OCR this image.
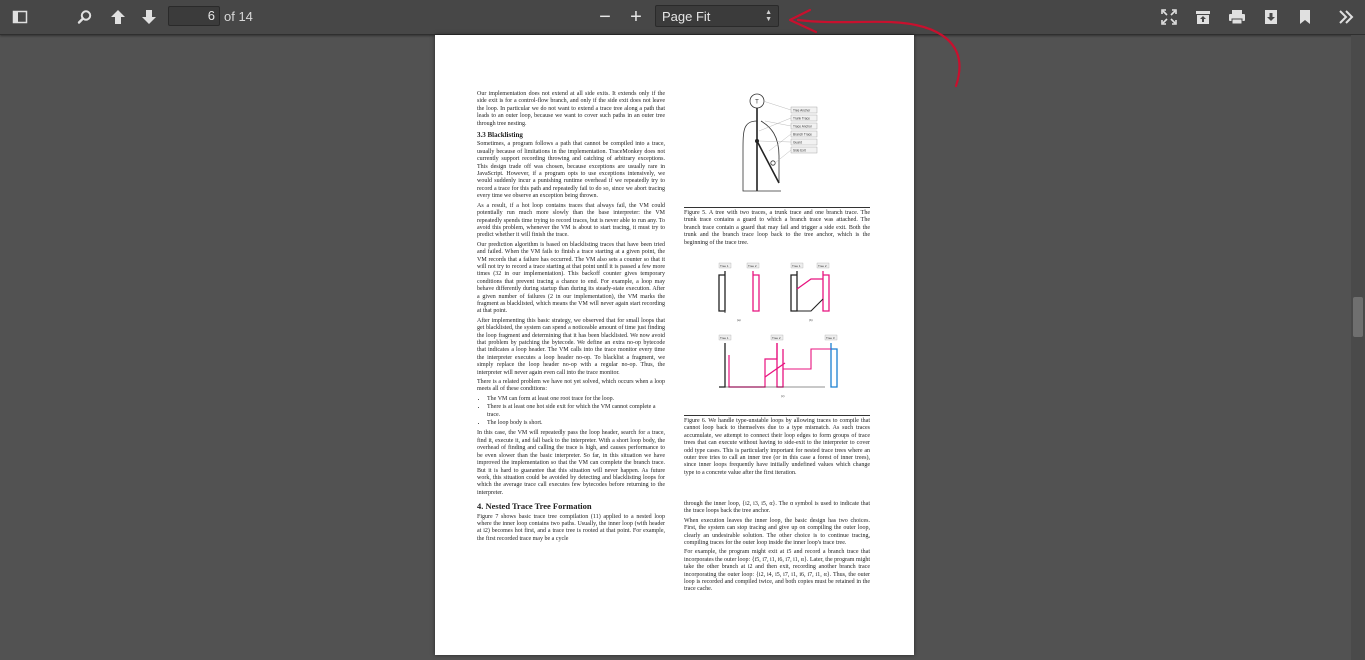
6 of 14	− +	Page Fit	▲
▼

Our implementation does not extend at all side exits. It extends only if the side exit is for a control-flow branch, and only if the side exit does not leave the loop. In particular we do not want to extend a trace tree along a path that leads to an outer loop, because we want to cover such paths in an outer tree through tree nesting.

3.3 Blacklisting

Sometimes, a program follows a path that cannot be compiled into a trace, usually because of limitations in the implementation. TraceMonkey does not currently support recording throwing and catching of arbitrary exceptions. This design trade off was chosen, because exceptions are usually rare in JavaScript. However, if a program opts to use exceptions intensively, we would suddenly incur a punishing runtime overhead if we repeatedly try to record a trace for this path and repeatedly fail to do so, since we abort tracing every time we observe an exception being thrown.

As a result, if a hot loop contains traces that always fail, the VM could potentially run much more slowly than the base interpreter: the VM repeatedly spends time trying to record traces, but is never able to run any. To avoid this problem, whenever the VM is about to start tracing, it must try to predict whether it will finish the trace.

Our prediction algorithm is based on blacklisting traces that have been tried and failed. When the VM fails to finish a trace starting at a given point, the VM records that a failure has occurred. The VM also sets a counter so that it will not try to record a trace starting at that point until it is passed a few more times (32 in our implementation). This backoff counter gives temporary conditions that prevent tracing a chance to end. For example, a loop may behave differently during startup than during its steady-state execution. After a given number of failures (2 in our implementation), the VM marks the fragment as blacklisted, which means the VM will never again start recording at that point.

After implementing this basic strategy, we observed that for small loops that get blacklisted, the system can spend a noticeable amount of time just finding the loop fragment and determining that it has been blacklisted. We now avoid that problem by patching the bytecode. We define an extra no-op bytecode that indicates a loop header. The VM calls into the trace monitor every time the interpreter executes a loop header no-op. To blacklist a fragment, we simply replace the loop header no-op with a regular no-op. Thus, the interpreter will never again even call into the trace monitor.

There is a related problem we have not yet solved, which occurs when a loop meets all of these conditions:

• The VM can form at least one root trace for the loop.
• There is at least one hot side exit for which the VM cannot complete a trace.
• The loop body is short.

In this case, the VM will repeatedly pass the loop header, search for a trace, find it, execute it, and fall back to the interpreter. With a short loop body, the overhead of finding and calling the trace is high, and causes performance to be even slower than the basic interpreter. So far, in this situation we have improved the implementation so that the VM can complete the branch trace. But it is hard to guarantee that this situation will never happen. As future work, this situation could be avoided by detecting and blacklisting loops for which the average trace call executes few bytecodes before returning to the interpreter.

4. Nested Trace Tree Formation

Figure 7 shows basic trace tree compilation (11) applied to a nested loop where the inner loop contains two paths. Usually, the inner loop (with header at i2) becomes hot first, and a trace tree is rooted at that point. For example, the first recorded trace may be a cycle

T
Tree Anchor
Trunk Trace
Trace Anchor
Branch Trace
Guard
Side Exit
Figure 5. A tree with two traces, a trunk trace and one branch trace. The trunk trace contains a guard to which a branch trace was attached. The branch trace contain a guard that may fail and trigger a side exit. Both the trunk and the branch trace loop back to the tree anchor, which is the beginning of the trace tree.
Tree 1	Tree 2
(a)
Tree 1	Tree 2
(b)
Tree 1	Tree 2	Tree 3
(c)
Figure 6. We handle type-unstable loops by allowing traces to compile that cannot loop back to themselves due to a type mismatch. As such traces accumulate, we attempt to connect their loop edges to form groups of trace trees that can execute without having to side-exit to the interpreter to cover odd type cases. This is particularly important for nested trace trees where an outer tree tries to call an inner tree (or in this case a forest of inner trees), since inner loops frequently have initially undefined values which change type to a concrete value after the first iteration.

through the inner loop, {i2, i3, i5, α}. The α symbol is used to indicate that the trace loops back the tree anchor.

When execution leaves the inner loop, the basic design has two choices. First, the system can stop tracing and give up on compiling the outer loop, clearly an undesirable solution. The other choice is to continue tracing, compiling traces for the outer loop inside the inner loop's trace tree.

For example, the program might exit at i5 and record a branch trace that incorporates the outer loop: {i5, i7, i1, i6, i7, i1, α}. Later, the program might take the other branch at i2 and then exit, recording another branch trace incorporating the outer loop: {i2, i4, i5, i7, i1, i6, i7, i1, α}. Thus, the outer loop is recorded and compiled twice, and both copies must be retained in the trace cache.
